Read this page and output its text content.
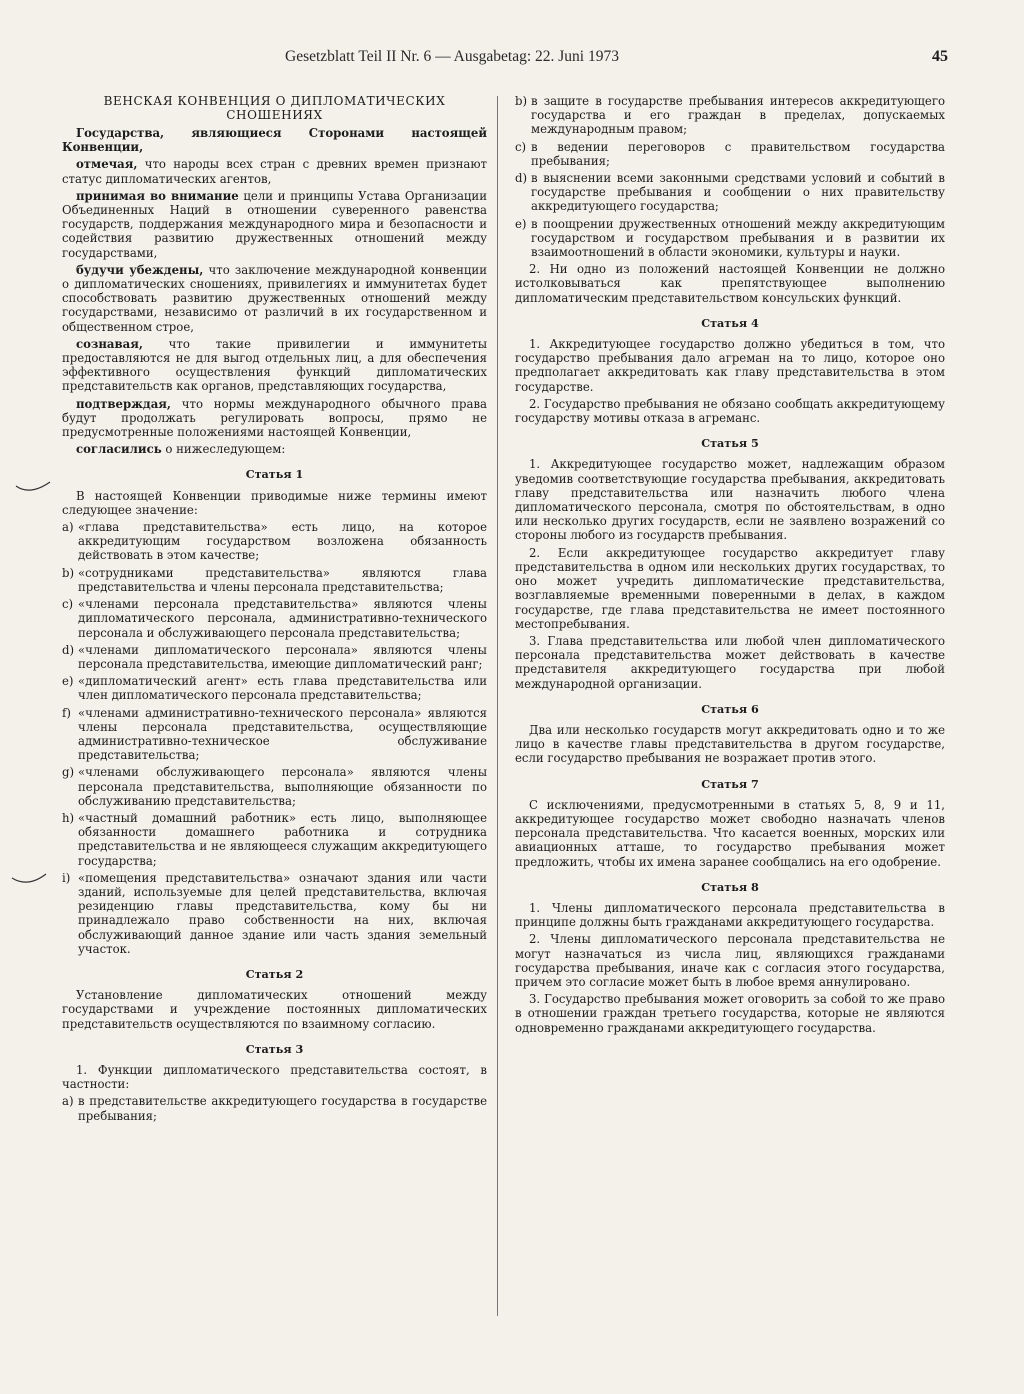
Gesetzblatt Teil II Nr. 6 — Ausgabetag: 22. Juni 1973	45
ВЕНСКАЯ КОНВЕНЦИЯ О ДИПЛОМАТИЧЕСКИХ
СНОШЕНИЯХ

Государства, являющиеся Сторонами настоящей Конвенции,

отмечая, что народы всех стран с древних времен признают статус дипломатических агентов,

принимая во внимание цели и принципы Устава Организации Объединенных Наций в отношении суверенного равенства государств, поддержания международного мира и безопасности и содействия развитию дружественных отношений между государствами,

будучи убеждены, что заключение международной конвенции о дипломатических сношениях, привилегиях и иммунитетах будет способствовать развитию дружественных отношений между государствами, независимо от различий в их государственном и общественном строе,

сознавая, что такие привилегии и иммунитеты предоставляются не для выгод отдельных лиц, а для обеспечения эффективного осуществления функций дипломатических представительств как органов, представляющих государства,

подтверждая, что нормы международного обычного права будут продолжать регулировать вопросы, прямо не предусмотренные положениями настоящей Конвенции,

согласились о нижеследующем:

Статья 1

В настоящей Конвенции приводимые ниже термины имеют следующее значение:

a) «глава представительства» есть лицо, на которое аккредитующим государством возложена обязанность действовать в этом качестве;
b) «сотрудниками представительства» являются глава представительства и члены персонала представительства;
c) «членами персонала представительства» являются члены дипломатического персонала, административно-технического персонала и обслуживающего персонала представительства;
d) «членами дипломатического персонала» являются члены персонала представительства, имеющие дипломатический ранг;
e) «дипломатический агент» есть глава представительства или член дипломатического персонала представительства;
f) «членами административно-технического персонала» являются члены персонала представительства, осуществляющие административно-техническое обслуживание представительства;
g) «членами обслуживающего персонала» являются члены персонала представительства, выполняющие обязанности по обслуживанию представительства;
h) «частный домашний работник» есть лицо, выполняющее обязанности домашнего работника и сотрудника представительства и не являющееся служащим аккредитующего государства;
i) «помещения представительства» означают здания или части зданий, используемые для целей представительства, включая резиденцию главы представительства, кому бы ни принадлежало право собственности на них, включая обслуживающий данное здание или часть здания земельный участок.
Статья 2

Установление дипломатических отношений между государствами и учреждение постоянных дипломатических представительств осуществляются по взаимному согласию.

Статья 3

1. Функции дипломатического представительства состоят, в частности:

a) в представительстве аккредитующего государства в государстве пребывания;
b) в защите в государстве пребывания интересов аккредитующего государства и его граждан в пределах, допускаемых международным правом;
c) в ведении переговоров с правительством государства пребывания;
d) в выяснении всеми законными средствами условий и событий в государстве пребывания и сообщении о них правительству аккредитующего государства;
e) в поощрении дружественных отношений между аккредитующим государством и государством пребывания и в развитии их взаимоотношений в области экономики, культуры и науки.

2. Ни одно из положений настоящей Конвенции не должно истолковываться как препятствующее выполнению дипломатическим представительством консульских функций.

Статья 4

1. Аккредитующее государство должно убедиться в том, что государство пребывания дало агреман на то лицо, которое оно предполагает аккредитовать как главу представительства в этом государстве.

2. Государство пребывания не обязано сообщать аккредитующему государству мотивы отказа в агреманс.

Статья 5

1. Аккредитующее государство может, надлежащим образом уведомив соответствующие государства пребывания, аккредитовать главу представительства или назначить любого члена дипломатического персонала, смотря по обстоятельствам, в одно или несколько других государств, если не заявлено возражений со стороны любого из государств пребывания.

2. Если аккредитующее государство аккредитует главу представительства в одном или нескольких других государствах, то оно может учредить дипломатические представительства, возглавляемые временными поверенными в делах, в каждом государстве, где глава представительства не имеет постоянного местопребывания.

3. Глава представительства или любой член дипломатического персонала представительства может действовать в качестве представителя аккредитующего государства при любой международной организации.

Статья 6

Два или несколько государств могут аккредитовать одно и то же лицо в качестве главы представительства в другом государстве, если государство пребывания не возражает против этого.

Статья 7

С исключениями, предусмотренными в статьях 5, 8, 9 и 11, аккредитующее государство может свободно назначать членов персонала представительства. Что касается военных, морских или авиационных атташе, то государство пребывания может предложить, чтобы их имена заранее сообщались на его одобрение.

Статья 8

1. Члены дипломатического персонала представительства в принципе должны быть гражданами аккредитующего государства.

2. Члены дипломатического персонала представительства не могут назначаться из числа лиц, являющихся гражданами государства пребывания, иначе как с согласия этого государства, причем это согласие может быть в любое время аннулировано.

3. Государство пребывания может оговорить за собой то же право в отношении граждан третьего государства, которые не являются одновременно гражданами аккредитующего государства.
